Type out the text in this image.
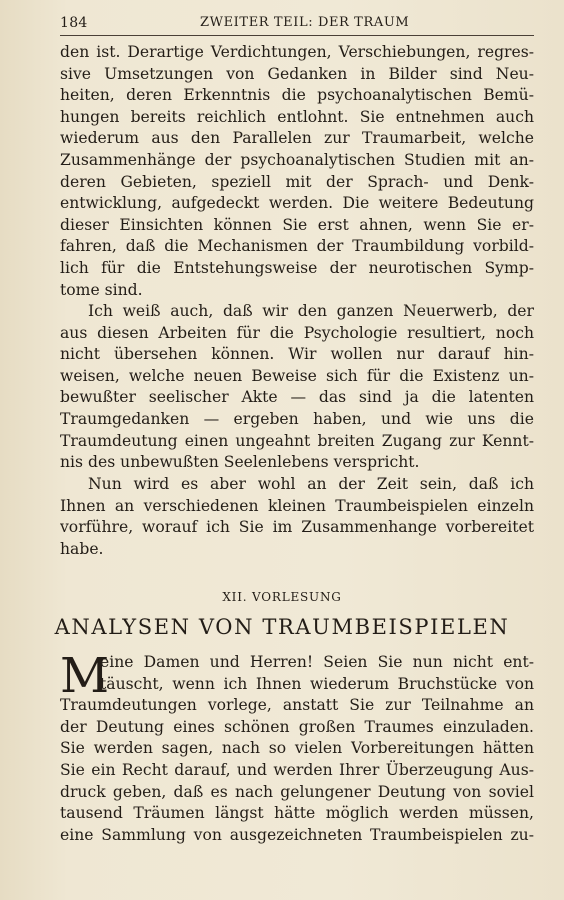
184	ZWEITER TEIL: DER TRAUM
den ist. Derartige Verdichtungen, Verschiebungen, regres-
sive Umsetzungen von Gedanken in Bilder sind Neu-
heiten, deren Erkenntnis die psychoanalytischen Bemü-
hungen bereits reichlich entlohnt. Sie entnehmen auch
wiederum aus den Parallelen zur Traumarbeit, welche
Zusammenhänge der psychoanalytischen Studien mit an-
deren Gebieten, speziell mit der Sprach- und Denk-
entwicklung, aufgedeckt werden. Die weitere Bedeutung
dieser Einsichten können Sie erst ahnen, wenn Sie er-
fahren, daß die Mechanismen der Traumbildung vorbild-
lich für die Entstehungsweise der neurotischen Symp-
tome sind.
Ich weiß auch, daß wir den ganzen Neuerwerb, der
aus diesen Arbeiten für die Psychologie resultiert, noch
nicht übersehen können. Wir wollen nur darauf hin-
weisen, welche neuen Beweise sich für die Existenz un-
bewußter seelischer Akte — das sind ja die latenten
Traumgedanken — ergeben haben, und wie uns die
Traumdeutung einen ungeahnt breiten Zugang zur Kennt-
nis des unbewußten Seelenlebens verspricht.
Nun wird es aber wohl an der Zeit sein, daß ich
Ihnen an verschiedenen kleinen Traumbeispielen einzeln
vorführe, worauf ich Sie im Zusammenhange vorbereitet
habe.
XII. VORLESUNG
ANALYSEN VON TRAUMBEISPIELEN
M
eine Damen und Herren! Seien Sie nun nicht ent-
täuscht, wenn ich Ihnen wiederum Bruchstücke von
Traumdeutungen vorlege, anstatt Sie zur Teilnahme an
der Deutung eines schönen großen Traumes einzuladen.
Sie werden sagen, nach so vielen Vorbereitungen hätten
Sie ein Recht darauf, und werden Ihrer Überzeugung Aus-
druck geben, daß es nach gelungener Deutung von soviel
tausend Träumen längst hätte möglich werden müssen,
eine Sammlung von ausgezeichneten Traumbeispielen zu-
